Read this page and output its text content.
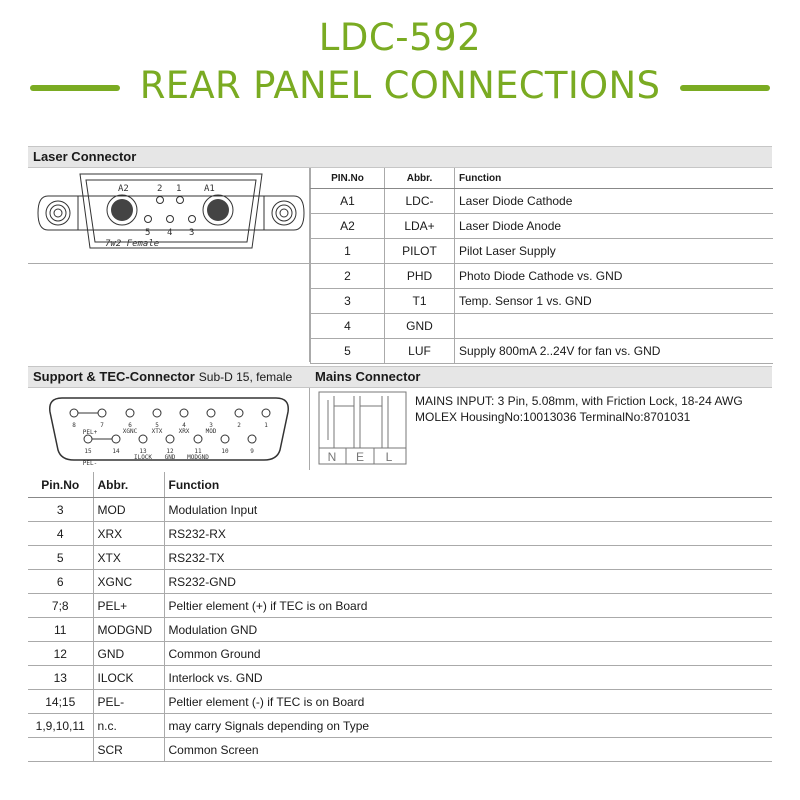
LDC-592
REAR PANEL CONNECTIONS
Laser Connector
A2	2 1	A1
5 4 3
7w2 Female
PIN.No	Abbr.	Function
A1	LDC-	Laser Diode Cathode
A2	LDA+	Laser Diode Anode
1	PILOT	Pilot Laser Supply
2	PHD	Photo Diode Cathode vs. GND
3	T1	Temp. Sensor 1 vs. GND
4	GND	
5	LUF	Supply 800mA 2..24V for fan vs. GND
Support & TEC-Connector Sub-D 15, female	Mains Connector
8	7	6	5	4	3	2	1
PEL+	XGNC XTX	XRX	MOD
15	14	13	12	11	10	9
PEL-
ILOCK GND MODGND	N E L
MAINS INPUT: 3 Pin, 5.08mm, with Friction Lock, 18-24 AWG
MOLEX HousingNo:10013036 TerminalNo:8701031
Pin.No	Abbr.	Function
3	MOD	Modulation Input
4	XRX	RS232-RX
5	XTX	RS232-TX
6	XGNC	RS232-GND
7;8	PEL+	Peltier element (+) if TEC is on Board
11	MODGND	Modulation GND
12	GND	Common Ground
13	ILOCK	Interlock vs. GND
14;15	PEL-	Peltier element (-) if TEC is on Board
1,9,10,11	n.c.	may carry Signals depending on Type
	SCR	Common Screen
